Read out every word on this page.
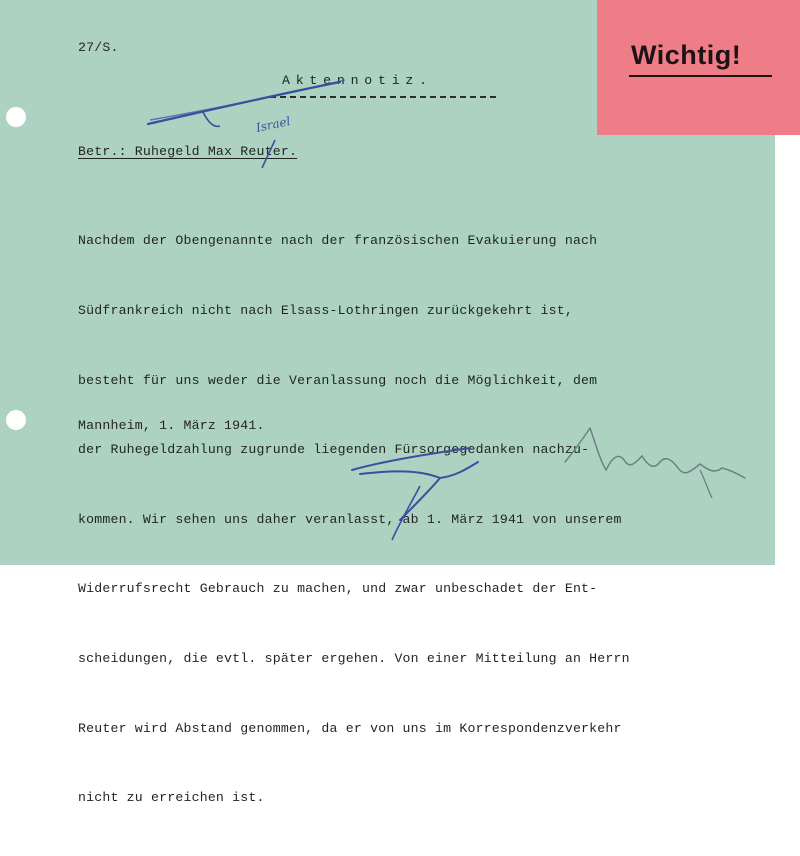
27/S.
Aktennotiz.
Betr.: Ruhegeld Max Reuter.

Nachdem der Obengenannte nach der französischen Evakuierung nach

Südfrankreich nicht nach Elsass-Lothringen zurückgekehrt ist,

besteht für uns weder die Veranlassung noch die Möglichkeit, dem

der Ruhegeldzahlung zugrunde liegenden Fürsorgegedanken nachzu-

kommen. Wir sehen uns daher veranlasst, ab 1. März 1941 von unserem

Widerrufsrecht Gebrauch zu machen, und zwar unbeschadet der Ent-

scheidungen, die evtl. später ergehen. Von einer Mitteilung an Herrn

Reuter wird Abstand genommen, da er von uns im Korrespondenzverkehr

nicht zu erreichen ist.

Mannheim, 1. März 1941.
Israel
Wichtig!
